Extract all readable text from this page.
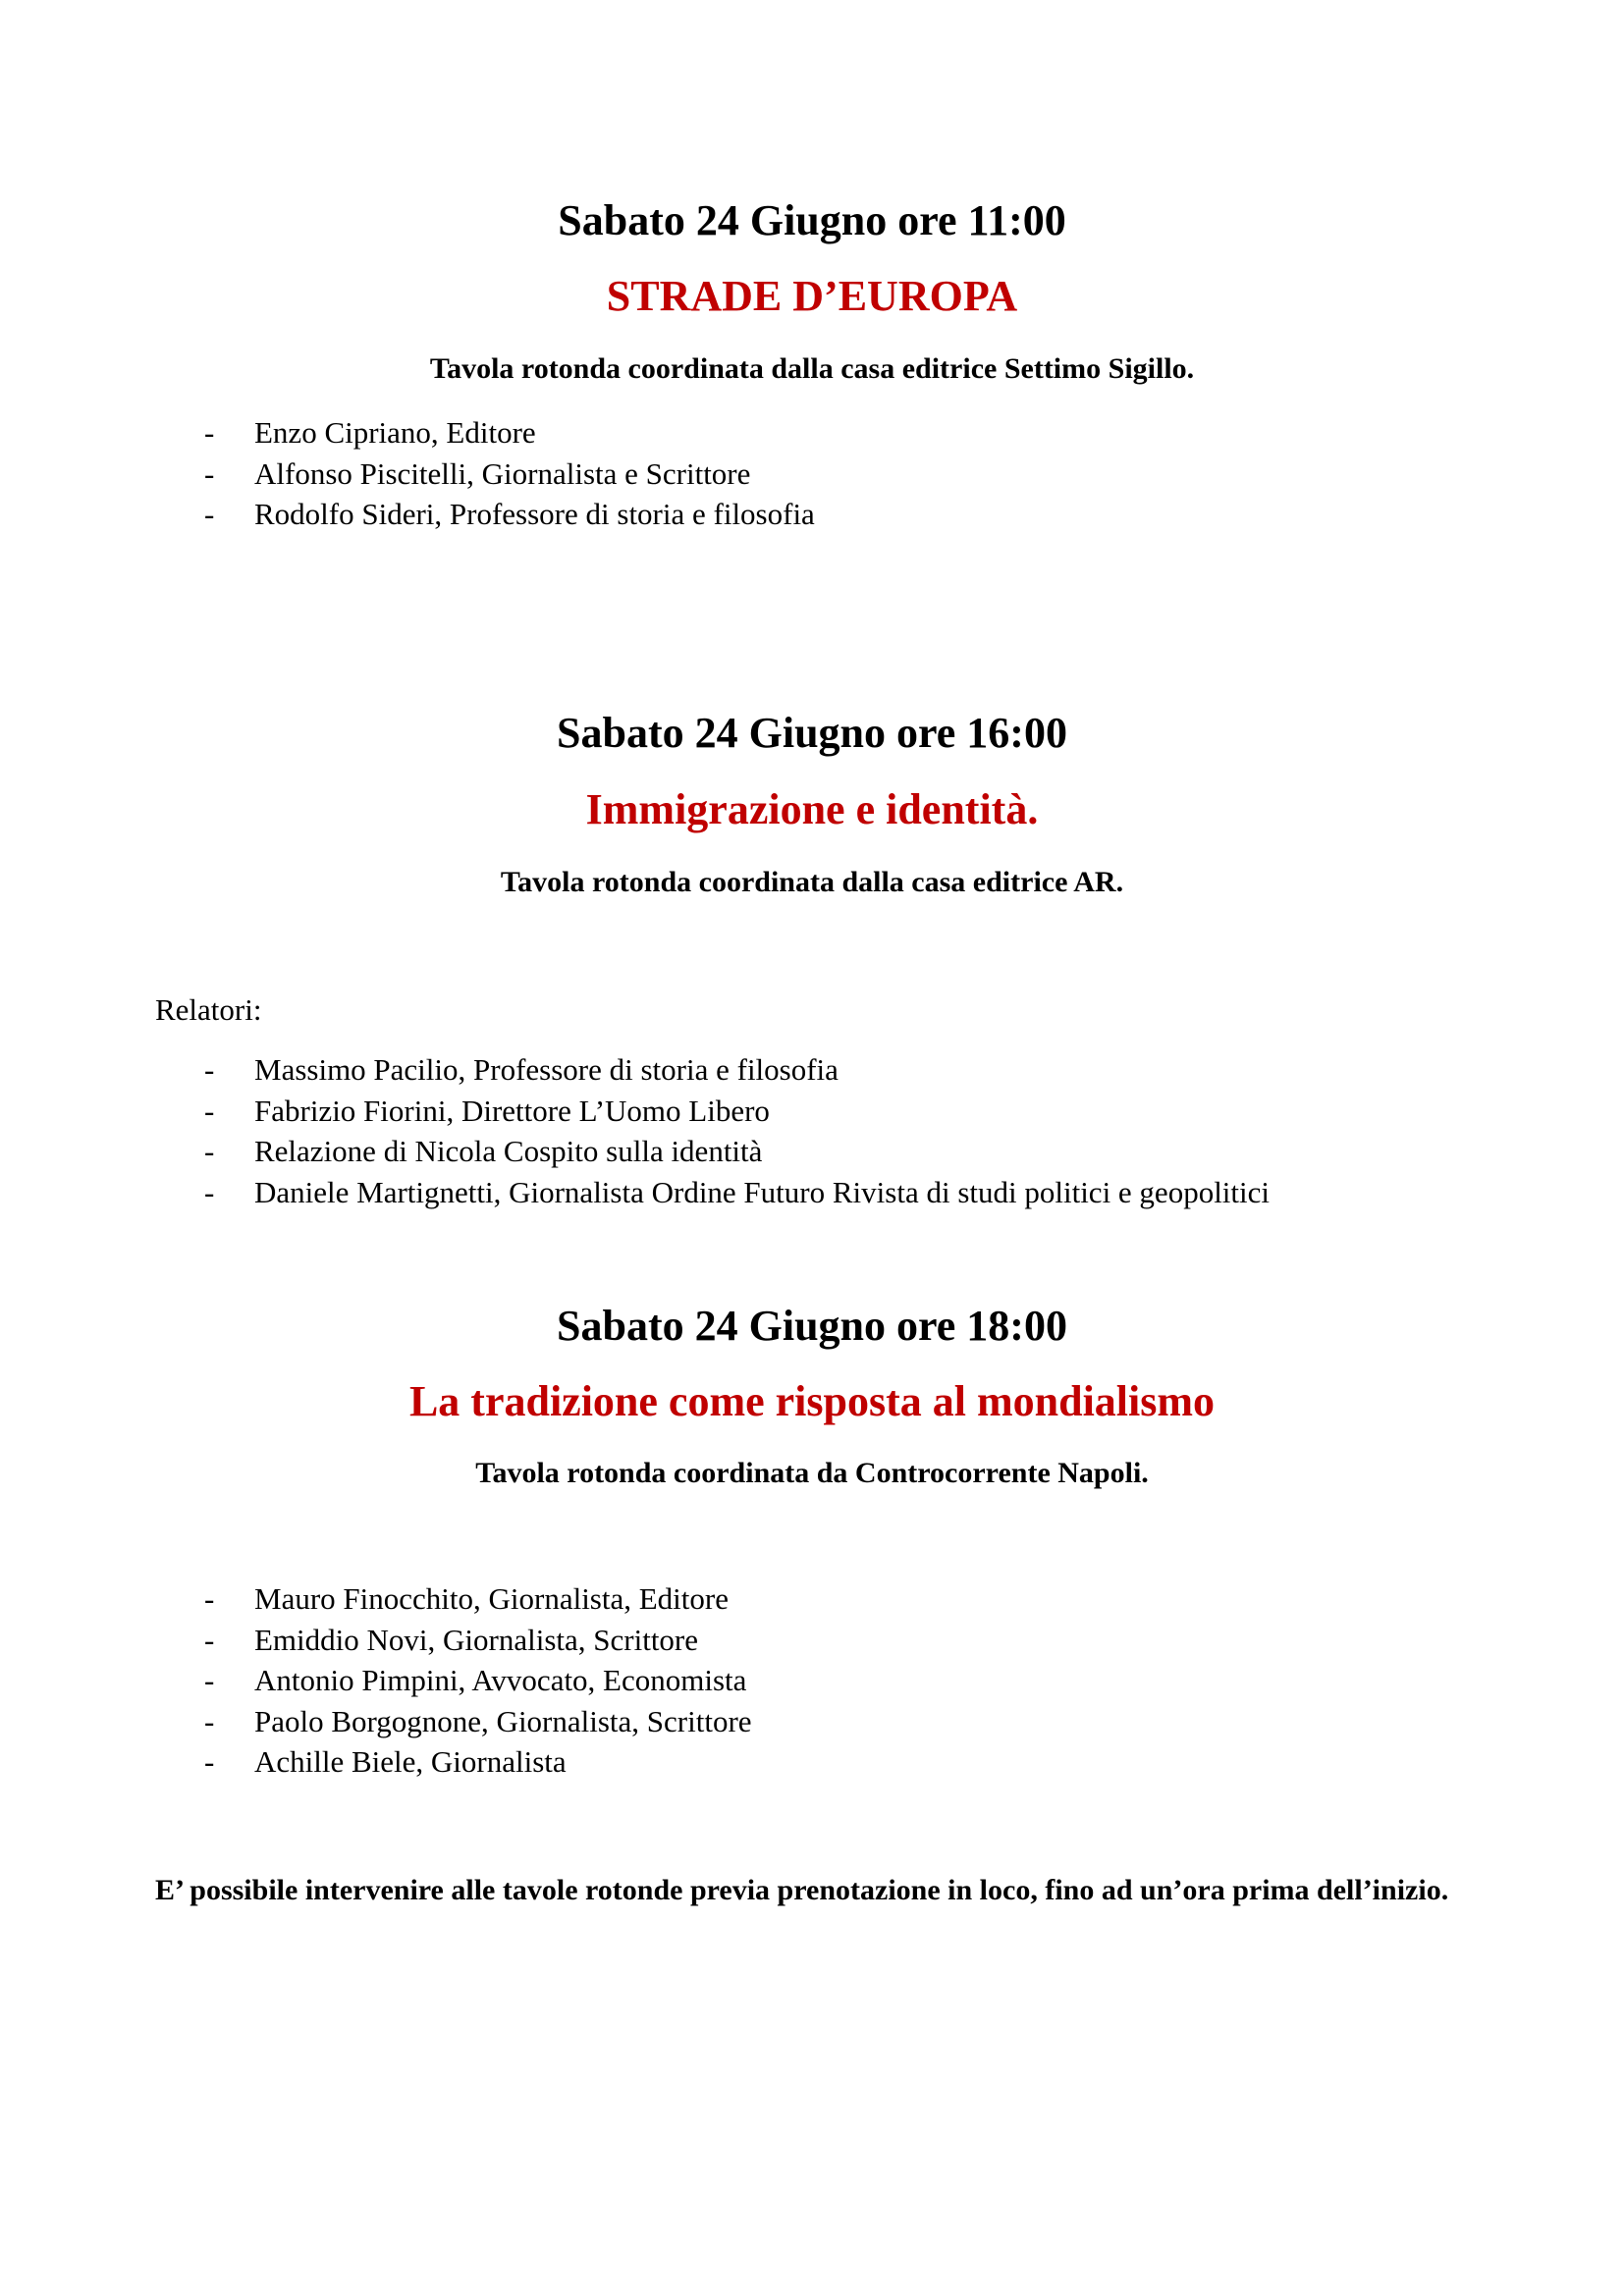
Sabato 24 Giugno ore 11:00
STRADE D’EUROPA

Tavola rotonda coordinata dalla casa editrice Settimo Sigillo.

- Enzo Cipriano, Editore
- Alfonso Piscitelli, Giornalista e Scrittore
- Rodolfo Sideri, Professore di storia e filosofia
Sabato 24 Giugno ore 16:00
Immigrazione e identità.

Tavola rotonda coordinata dalla casa editrice AR.

Relatori:

- Massimo Pacilio, Professore di storia e filosofia
- Fabrizio Fiorini, Direttore L’Uomo Libero
- Relazione di Nicola Cospito sulla identità
- Daniele Martignetti, Giornalista Ordine Futuro Rivista di studi politici e geopolitici
Sabato 24 Giugno ore 18:00
La tradizione come risposta al mondialismo

Tavola rotonda coordinata da Controcorrente Napoli.

- Mauro Finocchito, Giornalista, Editore
- Emiddio Novi, Giornalista, Scrittore
- Antonio Pimpini, Avvocato, Economista
- Paolo Borgognone, Giornalista, Scrittore
- Achille Biele, Giornalista

E’ possibile intervenire alle tavole rotonde previa prenotazione in loco, fino ad un’ora prima dell’inizio.
